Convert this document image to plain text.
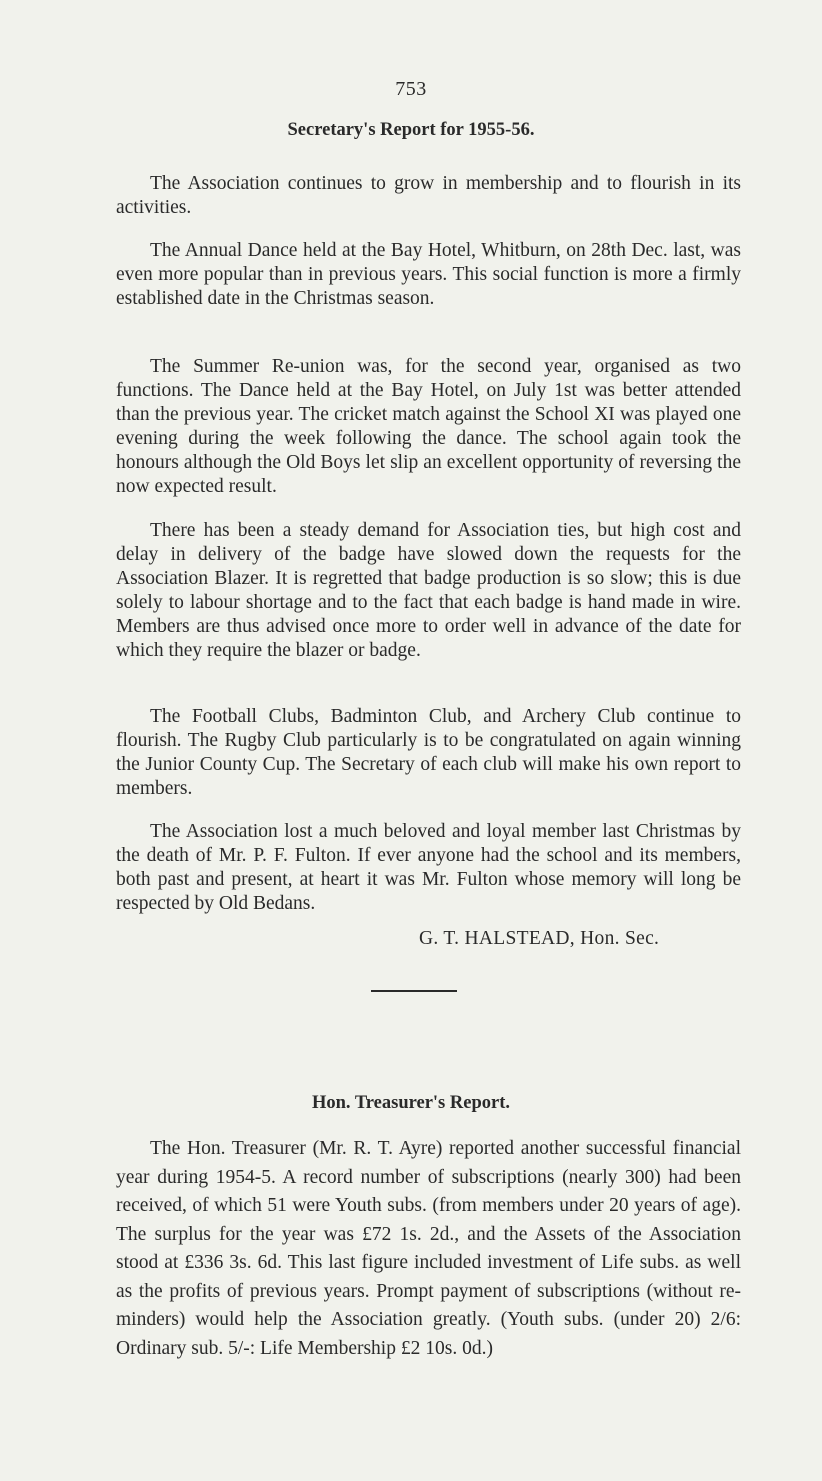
753
Secretary's Report for 1955-56.

The Association continues to grow in membership and to flourish in its activities.

The Annual Dance held at the Bay Hotel, Whitburn, on 28th Dec. last, was even more popular than in previous years. This social function is more a firmly established date in the Christmas season.

The Summer Re-union was, for the second year, organised as two functions. The Dance held at the Bay Hotel, on July 1st was better attended than the previous year. The cricket match against the School XI was played one evening during the week following the dance. The school again took the honours although the Old Boys let slip an excellent opportunity of reversing the now expected result.

There has been a steady demand for Association ties, but high cost and delay in delivery of the badge have slowed down the requests for the Association Blazer. It is regretted that badge production is so slow; this is due solely to labour shortage and to the fact that each badge is hand made in wire. Members are thus advised once more to order well in advance of the date for which they require the blazer or badge.

The Football Clubs, Badminton Club, and Archery Club continue to flourish. The Rugby Club particularly is to be congratulated on again winning the Junior County Cup. The Secretary of each club will make his own report to members.

The Association lost a much beloved and loyal member last Christmas by the death of Mr. P. F. Fulton. If ever anyone had the school and its members, both past and present, at heart it was Mr. Fulton whose memory will long be respected by Old Bedans.

G. T. HALSTEAD, Hon. Sec.
Hon. Treasurer's Report.

The Hon. Treasurer (Mr. R. T. Ayre) reported another successful financial year during 1954-5. A record number of subscriptions (nearly 300) had been received, of which 51 were Youth subs. (from members under 20 years of age). The surplus for the year was £72 1s. 2d., and the Assets of the Association stood at £336 3s. 6d. This last figure included investment of Life subs. as well as the profits of previous years. Prompt payment of subscriptions (without re-minders) would help the Association greatly. (Youth subs. (under 20) 2/6: Ordinary sub. 5/-: Life Membership £2 10s. 0d.)
